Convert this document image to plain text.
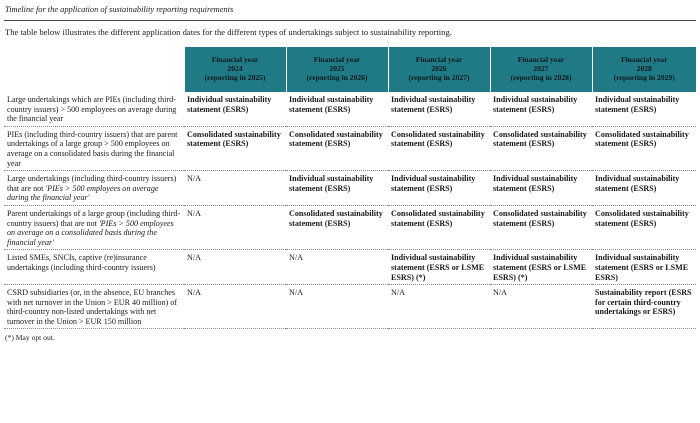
Timeline for the application of sustainability reporting requirements

The table below illustrates the different application dates for the different types of undertakings subject to sustainability reporting.

	Financial year
2024
(reporting in 2025)	Financial year
2025
(reporting in 2026)	Financial year
2026
(reporting in 2027)	Financial year
2027
(reporting in 2028)	Financial year
2028
(reporting in 2029)

Large undertakings which are PIEs (including third-country issuers) > 500 employees on average during the financial year	Individual sustainability statement (ESRS)	Individual sustainability statement (ESRS)	Individual sustainability statement (ESRS)	Individual sustainability statement (ESRS)	Individual sustainability statement (ESRS)
PIEs (including third-country issuers) that are parent undertakings of a large group > 500 employees on average on a consolidated basis during the financial year	Consolidated sustainability statement (ESRS)	Consolidated sustainability statement (ESRS)	Consolidated sustainability statement (ESRS)	Consolidated sustainability statement (ESRS)	Consolidated sustainability statement (ESRS)
Large undertakings (including third-country issuers) that are not 'PIEs > 500 employees on average during the financial year'	N/A	Individual sustainability statement (ESRS)	Individual sustainability statement (ESRS)	Individual sustainability statement (ESRS)	Individual sustainability statement (ESRS)
Parent undertakings of a large group (including third-country issuers) that are not 'PIEs > 500 employees on average on a consolidated basis during the financial year'	N/A	Consolidated sustainability statement (ESRS)	Consolidated sustainability statement (ESRS)	Consolidated sustainability statement (ESRS)	Consolidated sustainability statement (ESRS)
Listed SMEs, SNCIs, captive (re)insurance undertakings (including third-country issuers)	N/A	N/A	Individual sustainability statement (ESRS or LSME ESRS) (*)	Individual sustainability statement (ESRS or LSME ESRS) (*)	Individual sustainability statement (ESRS or LSME ESRS)
CSRD subsidiaries (or, in the absence, EU branches with net turnover in the Union > EUR 40 million) of third-country non-listed undertakings with net turnover in the Union > EUR 150 million	N/A	N/A	N/A	N/A	Sustainability report (ESRS for certain third-country undertakings or ESRS)

(*) May opt out.
